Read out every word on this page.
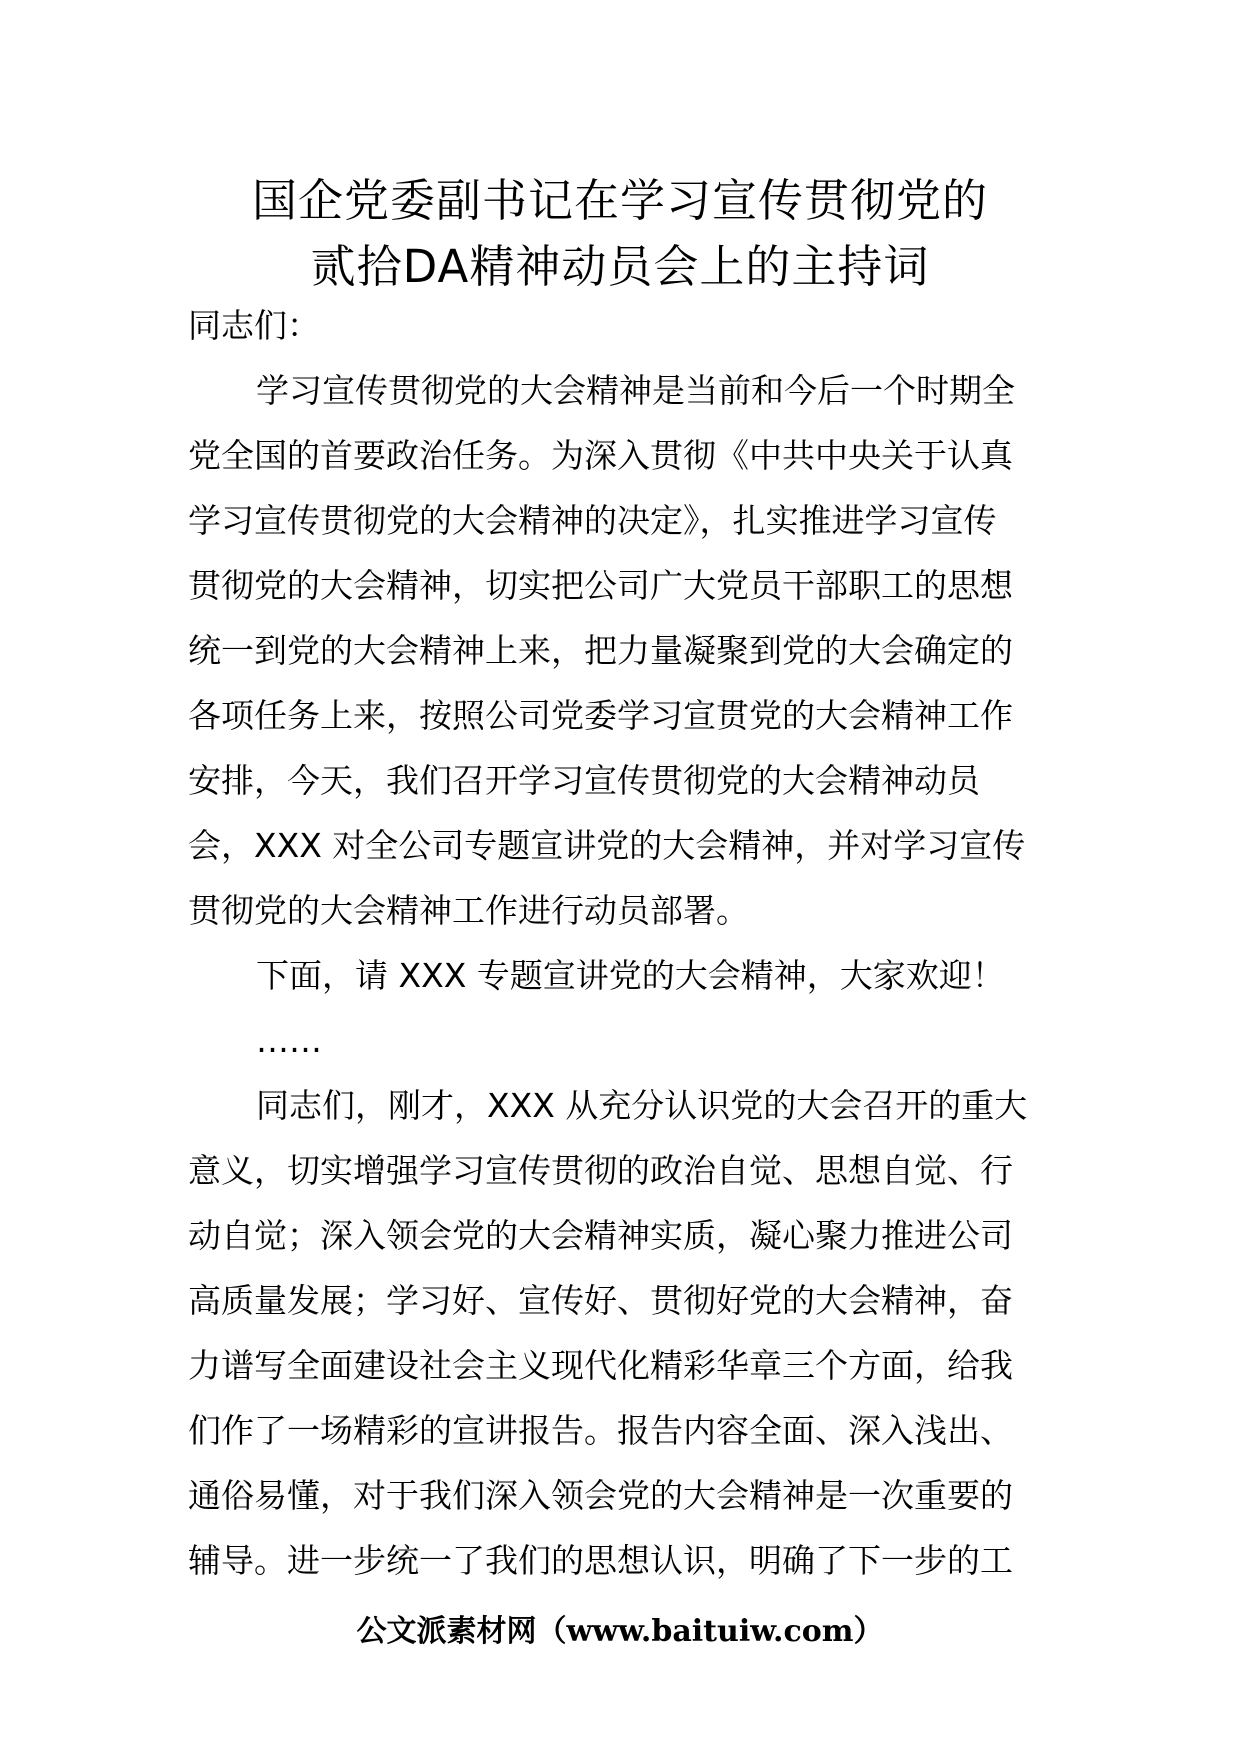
国企党委副书记在学习宣传贯彻党的
贰拾DA精神动员会上的主持词
同志们：
学习宣传贯彻党的大会精神是当前和今后一个时期全
党全国的首要政治任务。为深入贯彻《中共中央关于认真
学习宣传贯彻党的大会精神的决定》，扎实推进学习宣传
贯彻党的大会精神，切实把公司广大党员干部职工的思想
统一到党的大会精神上来，把力量凝聚到党的大会确定的
各项任务上来，按照公司党委学习宣贯党的大会精神工作
安排，今天，我们召开学习宣传贯彻党的大会精神动员
会，XXX 对全公司专题宣讲党的大会精神，并对学习宣传
贯彻党的大会精神工作进行动员部署。
下面，请 XXX 专题宣讲党的大会精神，大家欢迎！
……
同志们，刚才，XXX 从充分认识党的大会召开的重大
意义，切实增强学习宣传贯彻的政治自觉、思想自觉、行
动自觉；深入领会党的大会精神实质，凝心聚力推进公司
高质量发展；学习好、宣传好、贯彻好党的大会精神，奋
力谱写全面建设社会主义现代化精彩华章三个方面，给我
们作了一场精彩的宣讲报告。报告内容全面、深入浅出、
通俗易懂，对于我们深入领会党的大会精神是一次重要的
辅导。进一步统一了我们的思想认识，明确了下一步的工
公文派素材网（www.baituiw.com）
